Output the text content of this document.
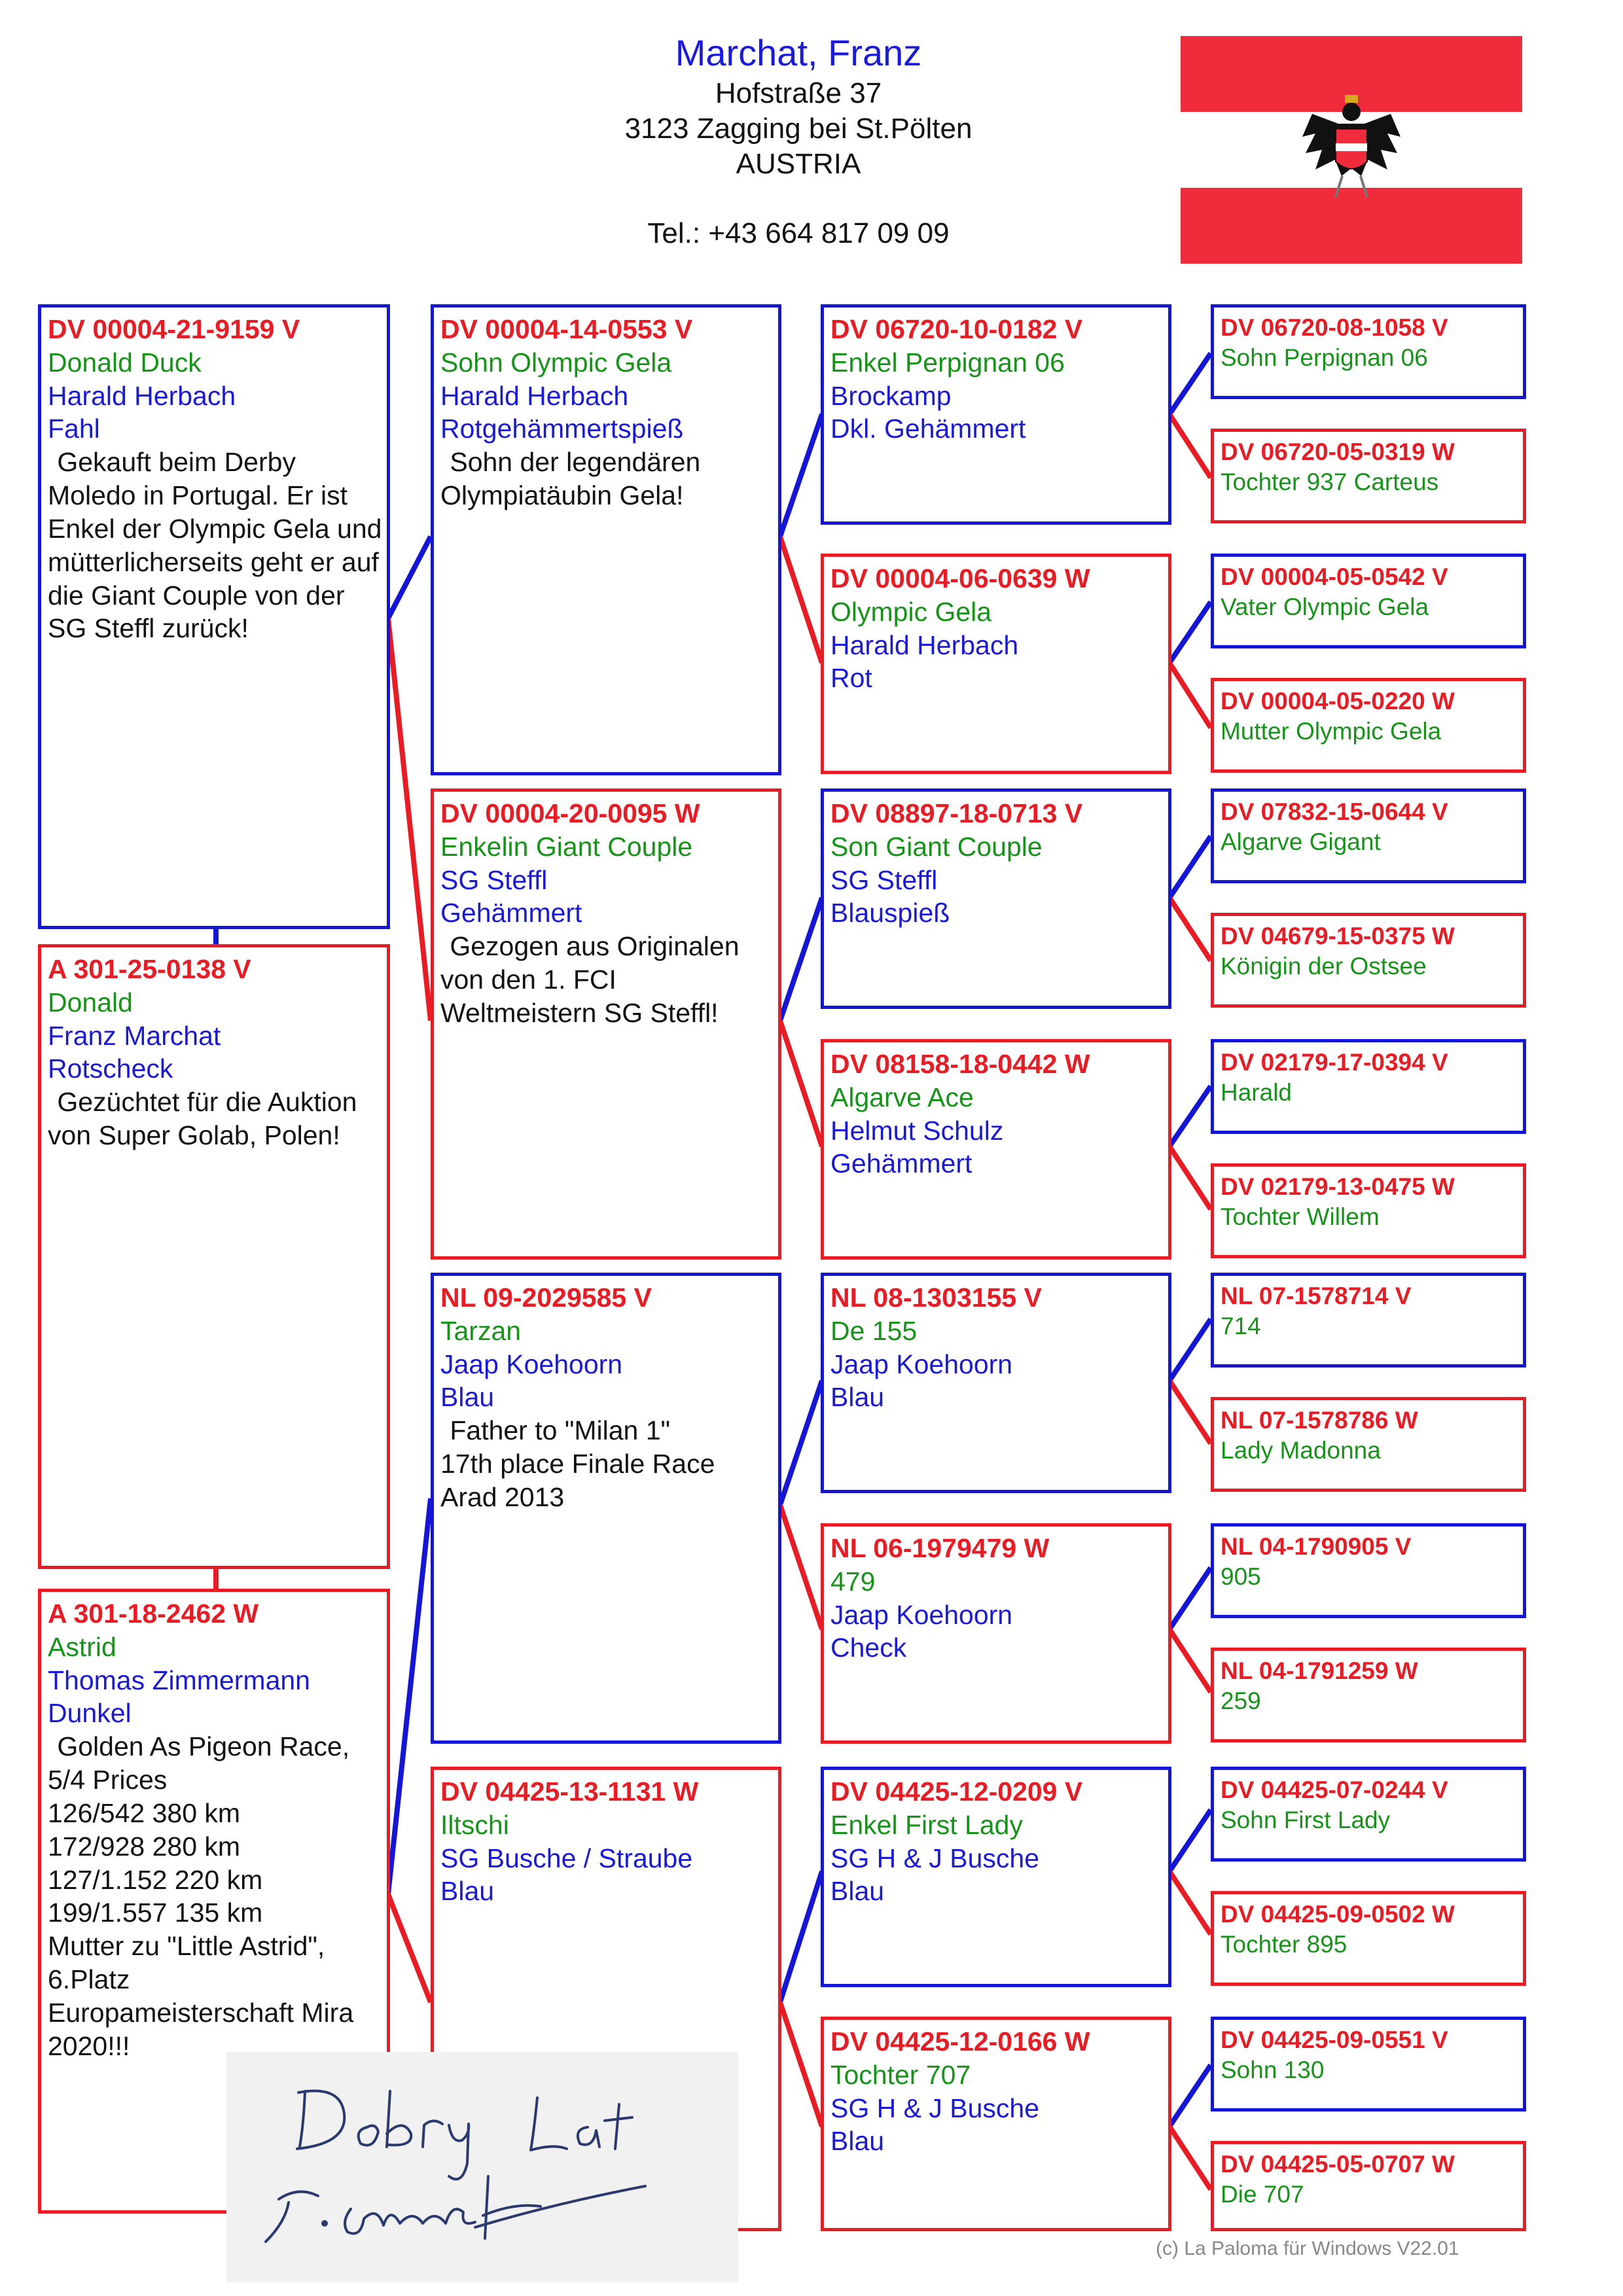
Marchat, Franz
Hofstraße 37
3123 Zagging bei St.Pölten
AUSTRIA
Tel.: +43 664 817 09 09
DV 00004-21-9159 V
Donald Duck
Harald Herbach
Fahl
Gekauft beim Derby Moledo in Portugal. Er ist Enkel der Olympic Gela und mütterlicherseits geht er auf die Giant Couple von der SG Steffl zurück!
A 301-25-0138 V
Donald
Franz Marchat
Rotscheck
Gezüchtet für die Auktion von Super Golab, Polen!
A 301-18-2462 W
Astrid
Thomas Zimmermann
Dunkel
Golden As Pigeon Race, 5/4 Prices
126/542 380 km
172/928 280 km
127/1.152 220 km
199/1.557 135 km
Mutter zu "Little Astrid", 6.Platz Europameisterschaft Mira 2020!!!
DV 00004-14-0553 V
Sohn Olympic Gela
Harald Herbach
Rotgehämmertspieß
Sohn der legendären Olympiatäubin Gela!
DV 00004-20-0095 W
Enkelin Giant Couple
SG Steffl
Gehämmert
Gezogen aus Originalen von den 1. FCI Weltmeistern SG Steffl!
NL 09-2029585 V
Tarzan
Jaap Koehoorn
Blau
Father to "Milan 1"
17th place Finale Race Arad 2013
DV 04425-13-1131 W
Iltschi
SG Busche / Straube
Blau
DV 06720-10-0182 V
Enkel Perpignan 06
Brockamp
Dkl. Gehämmert
DV 00004-06-0639 W
Olympic Gela
Harald Herbach
Rot
DV 08897-18-0713 V
Son Giant Couple
SG Steffl
Blauspieß
DV 08158-18-0442 W
Algarve Ace
Helmut Schulz
Gehämmert
NL 08-1303155 V
De 155
Jaap Koehoorn
Blau
NL 06-1979479 W
479
Jaap Koehoorn
Check
DV 04425-12-0209 V
Enkel First Lady
SG H & J Busche
Blau
DV 04425-12-0166 W
Tochter 707
SG H & J Busche
Blau
DV 06720-08-1058 V
Sohn Perpignan 06
DV 06720-05-0319 W
Tochter 937 Carteus
DV 00004-05-0542 V
Vater Olympic Gela
DV 00004-05-0220 W
Mutter Olympic Gela
DV 07832-15-0644 V
Algarve Gigant
DV 04679-15-0375 W
Königin der Ostsee
DV 02179-17-0394 V
Harald
DV 02179-13-0475 W
Tochter Willem
NL 07-1578714 V
714
NL 07-1578786 W
Lady Madonna
NL 04-1790905 V
905
NL 04-1791259 W
259
DV 04425-07-0244 V
Sohn First Lady
DV 04425-09-0502 W
Tochter 895
DV 04425-09-0551 V
Sohn 130
DV 04425-05-0707 W
Die 707
Dobry Lot
(c) La Paloma für Windows V22.01
